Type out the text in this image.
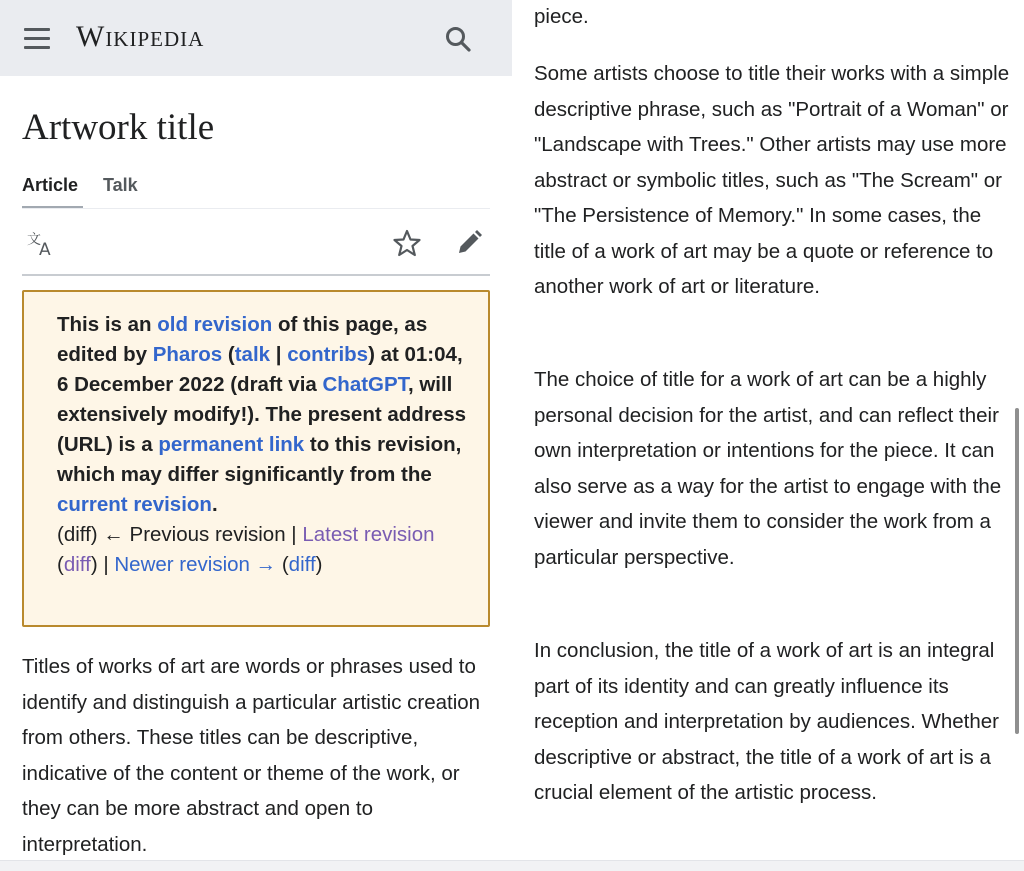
Wikipedia
Artwork title
Article Talk
文
A
This is an old revision of this page, as edited by Pharos (talk | contribs) at 01:04, 6 December 2022 (draft via ChatGPT, will extensively modify!). The present address (URL) is a permanent link to this revision, which may differ significantly from the current revision.
(diff) ← Previous revision | Latest revision (diff) | Newer revision → (diff)

Titles of works of art are words or phrases used to identify and distinguish a particular artistic creation from others. These titles can be descriptive, indicative of the content or theme of the work, or they can be more abstract and open to interpretation.

piece.

Some artists choose to title their works with a simple descriptive phrase, such as "Portrait of a Woman" or "Landscape with Trees." Other artists may use more abstract or symbolic titles, such as "The Scream" or "The Persistence of Memory." In some cases, the title of a work of art may be a quote or reference to another work of art or literature.

The choice of title for a work of art can be a highly personal decision for the artist, and can reflect their own interpretation or intentions for the piece. It can also serve as a way for the artist to engage with the viewer and invite them to consider the work from a particular perspective.

In conclusion, the title of a work of art is an integral part of its identity and can greatly influence its reception and interpretation by audiences. Whether descriptive or abstract, the title of a work of art is a crucial element of the artistic process.
